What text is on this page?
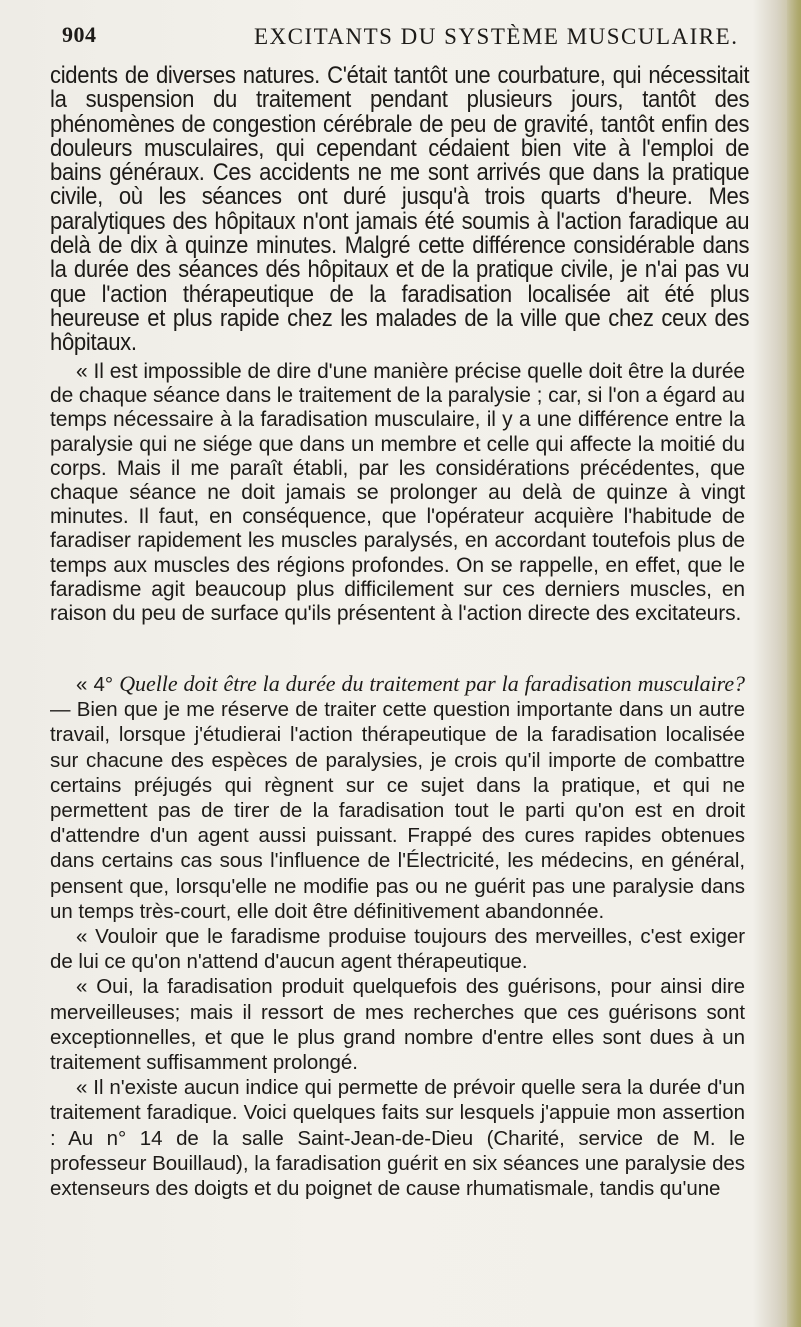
904	EXCITANTS DU SYSTÈME MUSCULAIRE.

cidents de diverses natures. C'était tantôt une courbature, qui nécessitait la suspension du traitement pendant plusieurs jours, tantôt des phénomènes de congestion cérébrale de peu de gravité, tantôt enfin des douleurs musculaires, qui cependant cédaient bien vite à l'emploi de bains généraux. Ces accidents ne me sont arrivés que dans la pratique civile, où les séances ont duré jusqu'à trois quarts d'heure. Mes paralytiques des hôpitaux n'ont jamais été soumis à l'action faradique au delà de dix à quinze minutes. Malgré cette différence considérable dans la durée des séances dés hôpitaux et de la pratique civile, je n'ai pas vu que l'action thérapeutique de la faradisation localisée ait été plus heureuse et plus rapide chez les malades de la ville que chez ceux des hôpitaux.

« Il est impossible de dire d'une manière précise quelle doit être la durée de chaque séance dans le traitement de la paralysie ; car, si l'on a égard au temps nécessaire à la faradisation musculaire, il y a une différence entre la paralysie qui ne siége que dans un membre et celle qui affecte la moitié du corps. Mais il me paraît établi, par les considérations précédentes, que chaque séance ne doit jamais se prolonger au delà de quinze à vingt minutes. Il faut, en conséquence, que l'opérateur acquière l'habitude de faradiser rapidement les muscles paralysés, en accordant toutefois plus de temps aux muscles des régions profondes. On se rappelle, en effet, que le faradisme agit beaucoup plus difficilement sur ces derniers muscles, en raison du peu de surface qu'ils présentent à l'action directe des excitateurs.

« 4° Quelle doit être la durée du traitement par la faradisation musculaire? — Bien que je me réserve de traiter cette question importante dans un autre travail, lorsque j'étudierai l'action thérapeutique de la faradisation localisée sur chacune des espèces de paralysies, je crois qu'il importe de combattre certains préjugés qui règnent sur ce sujet dans la pratique, et qui ne permettent pas de tirer de la faradisation tout le parti qu'on est en droit d'attendre d'un agent aussi puissant. Frappé des cures rapides obtenues dans certains cas sous l'influence de l'Électricité, les médecins, en général, pensent que, lorsqu'elle ne modifie pas ou ne guérit pas une paralysie dans un temps très-court, elle doit être définitivement abandonnée.

« Vouloir que le faradisme produise toujours des merveilles, c'est exiger de lui ce qu'on n'attend d'aucun agent thérapeutique.

« Oui, la faradisation produit quelquefois des guérisons, pour ainsi dire merveilleuses; mais il ressort de mes recherches que ces guérisons sont exceptionnelles, et que le plus grand nombre d'entre elles sont dues à un traitement suffisamment prolongé.

« Il n'existe aucun indice qui permette de prévoir quelle sera la durée d'un traitement faradique. Voici quelques faits sur lesquels j'appuie mon assertion : Au n° 14 de la salle Saint-Jean-de-Dieu (Charité, service de M. le professeur Bouillaud), la faradisation guérit en six séances une paralysie des extenseurs des doigts et du poignet de cause rhumatismale, tandis qu'une
